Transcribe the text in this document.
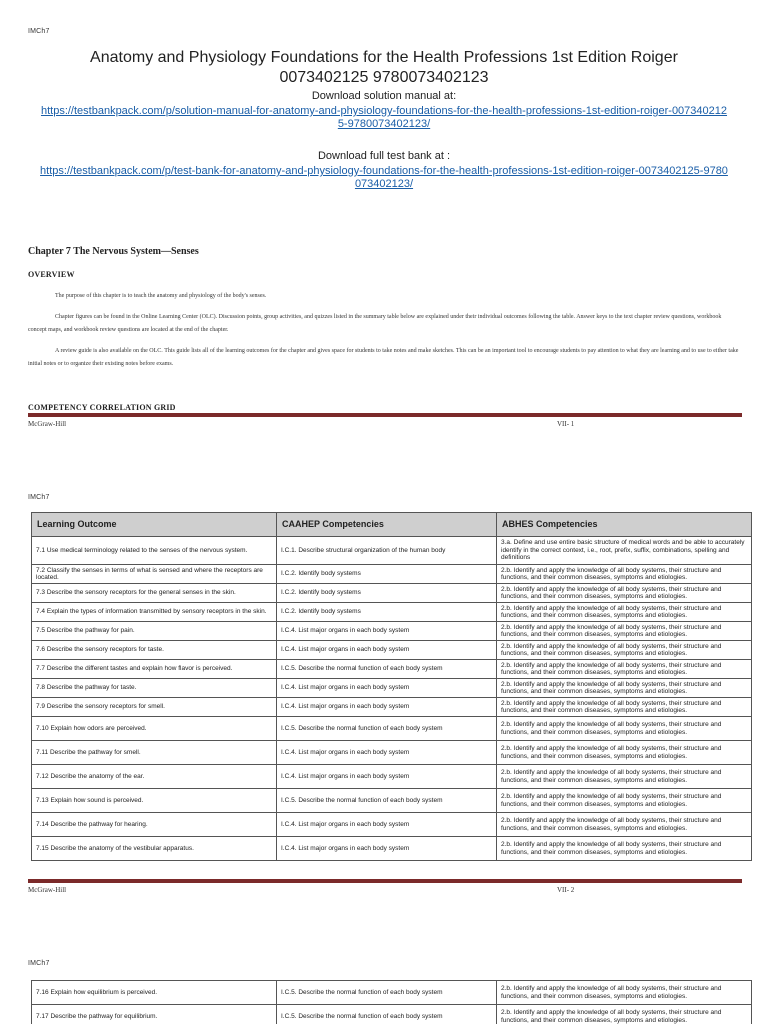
IMCh7
Anatomy and Physiology Foundations for the Health Professions 1st Edition Roiger
0073402125 9780073402123
Download solution manual at:
https://testbankpack.com/p/solution-manual-for-anatomy-and-physiology-foundations-for-the-health-professions-1st-edition-roiger-0073402125-9780073402123/
Download full test bank at :
https://testbankpack.com/p/test-bank-for-anatomy-and-physiology-foundations-for-the-health-professions-1st-edition-roiger-0073402125-9780073402123/
Chapter 7 The Nervous System—Senses
OVERVIEW
The purpose of this chapter is to teach the anatomy and physiology of the body's senses.
Chapter figures can be found in the Online Learning Center (OLC). Discussion points, group activities, and quizzes listed in the summary table below are explained under their individual outcomes following the table. Answer keys to the text chapter review questions, workbook concept maps, and workbook review questions are located at the end of the chapter.
A review guide is also available on the OLC. This guide lists all of the learning outcomes for the chapter and gives space for students to take notes and make sketches. This can be an important tool to encourage students to pay attention to what they are learning and to use to either take initial notes or to organize their existing notes before exams.
COMPETENCY CORRELATION GRID
McGraw-Hill	VII- 1
IMCh7
Learning Outcome	CAAHEP Competencies	ABHES Competencies
7.1 Use medical terminology related to the senses of the nervous system.	I.C.1. Describe structural organization of the human body	3.a. Define and use entire basic structure of medical words and be able to accurately identify in the correct context, i.e., root, prefix, suffix, combinations, spelling and definitions
7.2 Classify the senses in terms of what is sensed and where the receptors are located.	I.C.2. Identify body systems	2.b. Identify and apply the knowledge of all body systems, their structure and functions, and their common diseases, symptoms and etiologies.
7.3 Describe the sensory receptors for the general senses in the skin.	I.C.2. Identify body systems	2.b. Identify and apply the knowledge of all body systems, their structure and functions, and their common diseases, symptoms and etiologies.
7.4 Explain the types of information transmitted by sensory receptors in the skin.	I.C.2. Identify body systems	2.b. Identify and apply the knowledge of all body systems, their structure and functions, and their common diseases, symptoms and etiologies.
7.5 Describe the pathway for pain.	I.C.4. List major organs in each body system	2.b. Identify and apply the knowledge of all body systems, their structure and functions, and their common diseases, symptoms and etiologies.
7.6 Describe the sensory receptors for taste.	I.C.4. List major organs in each body system	2.b. Identify and apply the knowledge of all body systems, their structure and functions, and their common diseases, symptoms and etiologies.
7.7 Describe the different tastes and explain how flavor is perceived.	I.C.5. Describe the normal function of each body system	2.b. Identify and apply the knowledge of all body systems, their structure and functions, and their common diseases, symptoms and etiologies.
7.8 Describe the pathway for taste.	I.C.4. List major organs in each body system	2.b. Identify and apply the knowledge of all body systems, their structure and functions, and their common diseases, symptoms and etiologies.
7.9 Describe the sensory receptors for smell.	I.C.4. List major organs in each body system	2.b. Identify and apply the knowledge of all body systems, their structure and functions, and their common diseases, symptoms and etiologies.
7.10 Explain how odors are perceived.	I.C.5. Describe the normal function of each body system	2.b. Identify and apply the knowledge of all body systems, their structure and functions, and their common diseases, symptoms and etiologies.
7.11 Describe the pathway for smell.	I.C.4. List major organs in each body system	2.b. Identify and apply the knowledge of all body systems, their structure and functions, and their common diseases, symptoms and etiologies.
7.12 Describe the anatomy of the ear.	I.C.4. List major organs in each body system	2.b. Identify and apply the knowledge of all body systems, their structure and functions, and their common diseases, symptoms and etiologies.
7.13 Explain how sound is perceived.	I.C.5. Describe the normal function of each body system	2.b. Identify and apply the knowledge of all body systems, their structure and functions, and their common diseases, symptoms and etiologies.
7.14 Describe the pathway for hearing.	I.C.4. List major organs in each body system	2.b. Identify and apply the knowledge of all body systems, their structure and functions, and their common diseases, symptoms and etiologies.
7.15 Describe the anatomy of the vestibular apparatus.	I.C.4. List major organs in each body system	2.b. Identify and apply the knowledge of all body systems, their structure and functions, and their common diseases, symptoms and etiologies.
McGraw-Hill	VII- 2
IMCh7
7.16 Explain how equilibrium is perceived.	I.C.5. Describe the normal function of each body system	2.b. Identify and apply the knowledge of all body systems, their structure and functions, and their common diseases, symptoms and etiologies.
7.17 Describe the pathway for equilibrium.	I.C.5. Describe the normal function of each body system	2.b. Identify and apply the knowledge of all body systems, their structure and functions, and their common diseases, symptoms and etiologies.
